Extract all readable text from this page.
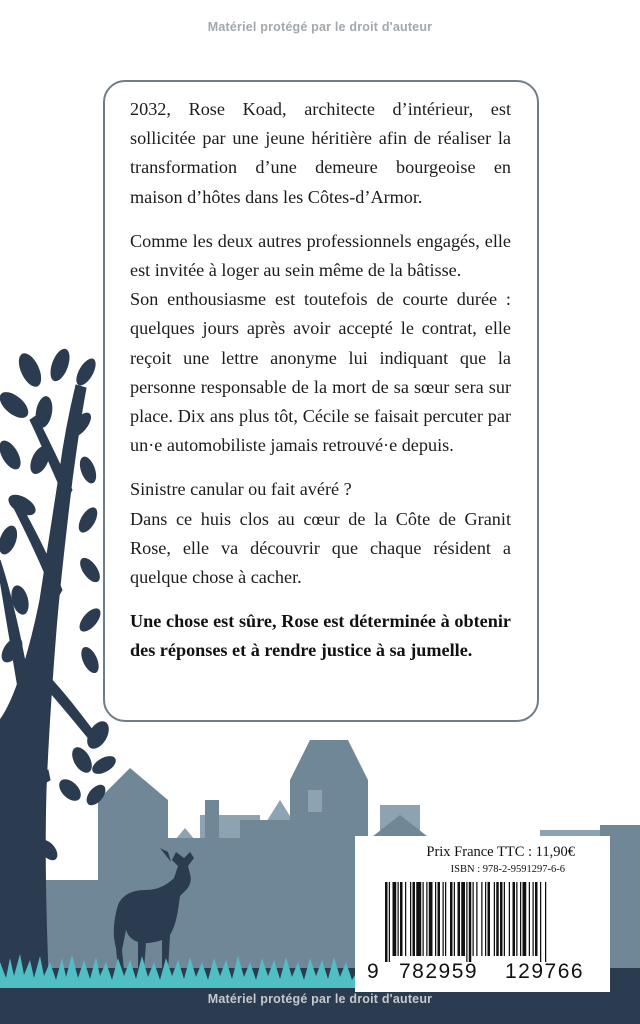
Matériel protégé par le droit d'auteur

2032, Rose Koad, architecte d’intérieur, est sollicitée par une jeune héritière afin de réaliser la transformation d’une demeure bourgeoise en maison d’hôtes dans les Côtes-d’Armor.

Comme les deux autres professionnels engagés, elle est invitée à loger au sein même de la bâtisse.

Son enthousiasme est toutefois de courte durée : quelques jours après avoir accepté le contrat, elle reçoit une lettre anonyme lui indiquant que la personne responsable de la mort de sa sœur sera sur place. Dix ans plus tôt, Cécile se faisait percuter par un·e automobiliste jamais retrouvé·e depuis.

Sinistre canular ou fait avéré ?

Dans ce huis clos au cœur de la Côte de Granit Rose, elle va découvrir que chaque résident a quelque chose à cacher.

Une chose est sûre, Rose est déterminée à obtenir des réponses et à rendre justice à sa jumelle.

Prix France TTC : 11,90€
ISBN : 978-2-9591297-6-6
9 782959 129766
Matériel protégé par le droit d'auteur
